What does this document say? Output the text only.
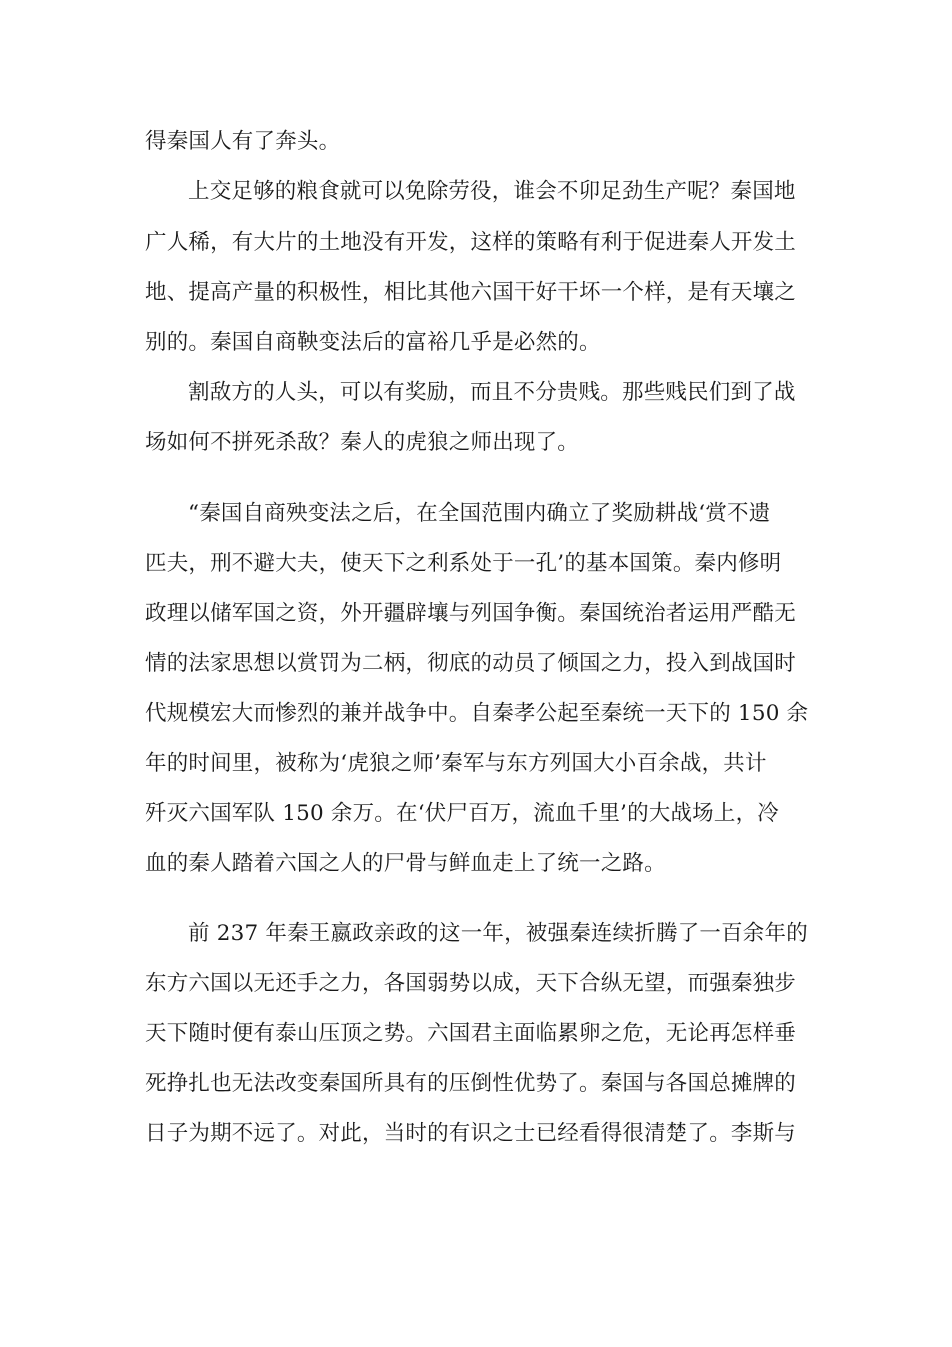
得秦国人有了奔头。
上交足够的粮食就可以免除劳役，谁会不卯足劲生产呢？秦国地
广人稀，有大片的土地没有开发，这样的策略有利于促进秦人开发土
地、提高产量的积极性，相比其他六国干好干坏一个样，是有天壤之
别的。秦国自商鞅变法后的富裕几乎是必然的。
割敌方的人头，可以有奖励，而且不分贵贱。那些贱民们到了战
场如何不拼死杀敌？秦人的虎狼之师出现了。
“秦国自商殃变法之后，在全国范围内确立了奖励耕战‘赏不遗
匹夫，刑不避大夫，使天下之利系处于一孔’的基本国策。秦内修明
政理以储军国之资，外开疆辟壤与列国争衡。秦国统治者运用严酷无
情的法家思想以赏罚为二柄，彻底的动员了倾国之力，投入到战国时
代规模宏大而惨烈的兼并战争中。自秦孝公起至秦统一天下的 150 余
年的时间里，被称为‘虎狼之师’秦军与东方列国大小百余战，共计
歼灭六国军队 150 余万。在‘伏尸百万，流血千里’的大战场上，冷
血的秦人踏着六国之人的尸骨与鲜血走上了统一之路。
前 237 年秦王嬴政亲政的这一年，被强秦连续折腾了一百余年的
东方六国以无还手之力，各国弱势以成，天下合纵无望，而强秦独步
天下随时便有泰山压顶之势。六国君主面临累卵之危，无论再怎样垂
死挣扎也无法改变秦国所具有的压倒性优势了。秦国与各国总摊牌的
日子为期不远了。对此，当时的有识之士已经看得很清楚了。李斯与
